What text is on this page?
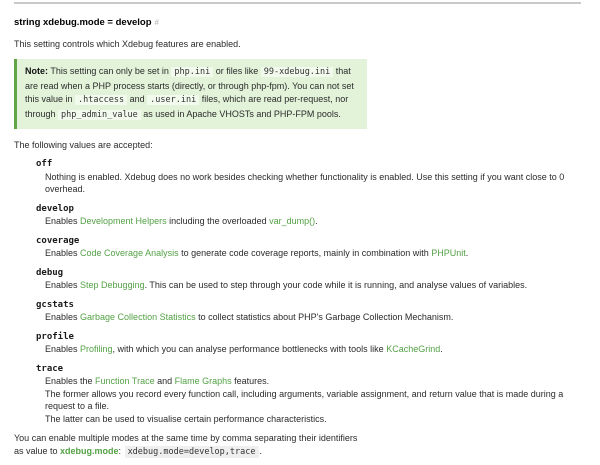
string xdebug.mode = develop #

This setting controls which Xdebug features are enabled.

Note: This setting can only be set in php.ini or files like 99-xdebug.ini that are read when a PHP process starts (directly, or through php-fpm). You can not set this value in .htaccess and .user.ini files, which are read per-request, nor through php_admin_value as used in Apache VHOSTs and PHP-FPM pools.

The following values are accepted:

off
Nothing is enabled. Xdebug does no work besides checking whether functionality is enabled. Use this setting if you want close to 0 overhead.
develop
Enables Development Helpers including the overloaded var_dump().
coverage
Enables Code Coverage Analysis to generate code coverage reports, mainly in combination with PHPUnit.
debug
Enables Step Debugging. This can be used to step through your code while it is running, and analyse values of variables.
gcstats
Enables Garbage Collection Statistics to collect statistics about PHP's Garbage Collection Mechanism.
profile
Enables Profiling, with which you can analyse performance bottlenecks with tools like KCacheGrind.
trace
Enables the Function Trace and Flame Graphs features.
The former allows you record every function call, including arguments, variable assignment, and return value that is made during a request to a file.
The latter can be used to visualise certain performance characteristics.

You can enable multiple modes at the same time by comma separating their identifiers as value to xdebug.mode: xdebug.mode=develop,trace .
